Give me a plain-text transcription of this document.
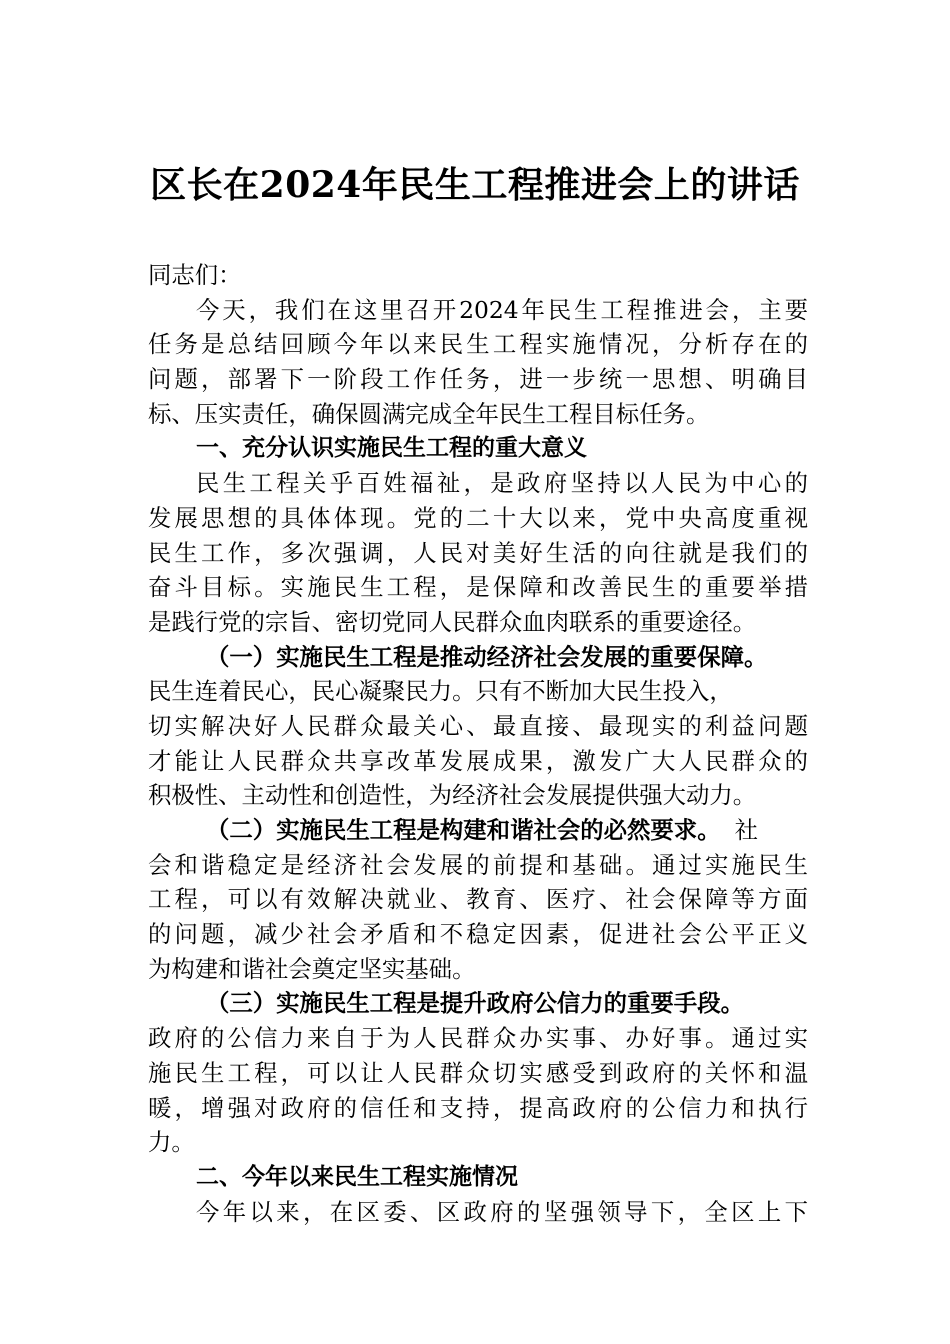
区长在2024年民生工程推进会上的讲话
同志们：
今天，我们在这里召开2024年民生工程推进会，主要
任务是总结回顾今年以来民生工程实施情况，分析存在的
问题，部署下一阶段工作任务，进一步统一思想、明确目
标、压实责任，确保圆满完成全年民生工程目标任务。
一、充分认识实施民生工程的重大意义
民生工程关乎百姓福祉，是政府坚持以人民为中心的
发展思想的具体体现。党的二十大以来，党中央高度重视
民生工作，多次强调，人民对美好生活的向往就是我们的
奋斗目标。实施民生工程，是保障和改善民生的重要举措
是践行党的宗旨、密切党同人民群众血肉联系的重要途径。
（一）实施民生工程是推动经济社会发展的重要保障。
民生连着民心，民心凝聚民力。只有不断加大民生投入，
切实解决好人民群众最关心、最直接、最现实的利益问题
才能让人民群众共享改革发展成果，激发广大人民群众的
积极性、主动性和创造性，为经济社会发展提供强大动力。
（二）实施民生工程是构建和谐社会的必然要求。 社
会和谐稳定是经济社会发展的前提和基础。通过实施民生
工程，可以有效解决就业、教育、医疗、社会保障等方面
的问题，减少社会矛盾和不稳定因素，促进社会公平正义
为构建和谐社会奠定坚实基础。
（三）实施民生工程是提升政府公信力的重要手段。
政府的公信力来自于为人民群众办实事、办好事。通过实
施民生工程，可以让人民群众切实感受到政府的关怀和温
暖，增强对政府的信任和支持，提高政府的公信力和执行
力。
二、今年以来民生工程实施情况
今年以来，在区委、区政府的坚强领导下，全区上下
